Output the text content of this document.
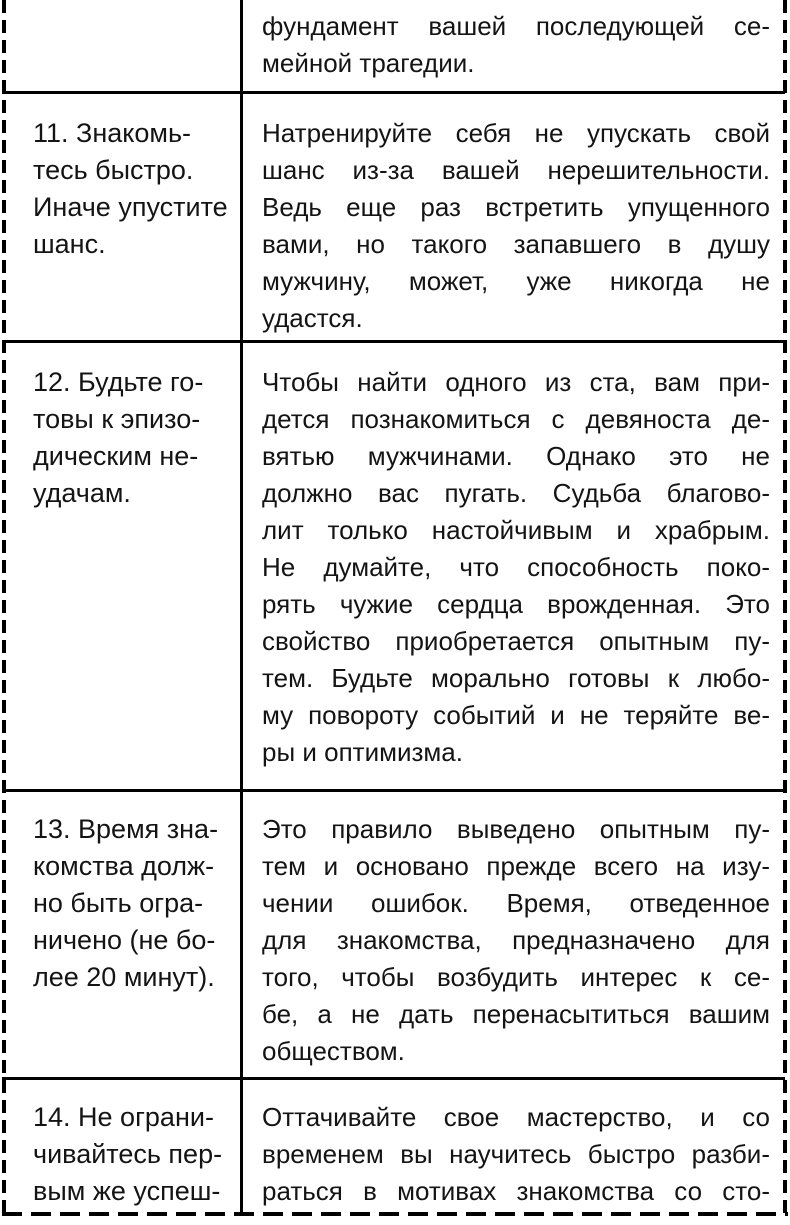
фундамент вашей последующей се-
мейной трагедии.
11. Знакомь-
тесь быстро.
Иначе упустите
шанс.
Натренируйте себя не упускать свой
шанс из-за вашей нерешительности.
Ведь еще раз встретить упущенного
вами, но такого запавшего в душу
мужчину, может, уже никогда не
удастся.
12. Будьте го-
товы к эпизо-
дическим не-
удачам.
Чтобы найти одного из ста, вам при-
дется познакомиться с девяноста де-
вятью мужчинами. Однако это не
должно вас пугать. Судьба благово-
лит только настойчивым и храбрым.
Не думайте, что способность поко-
рять чужие сердца врожденная. Это
свойство приобретается опытным пу-
тем. Будьте морально готовы к любо-
му повороту событий и не теряйте ве-
ры и оптимизма.
13. Время зна-
комства долж-
но быть огра-
ничено (не бо-
лее 20 минут).
Это правило выведено опытным пу-
тем и основано прежде всего на изу-
чении ошибок. Время, отведенное
для знакомства, предназначено для
того, чтобы возбудить интерес к се-
бе, а не дать перенасытиться вашим
обществом.
14. Не ограни-
чивайтесь пер-
вым же успеш-
Оттачивайте свое мастерство, и со
временем вы научитесь быстро разби-
раться в мотивах знакомства со сто-
